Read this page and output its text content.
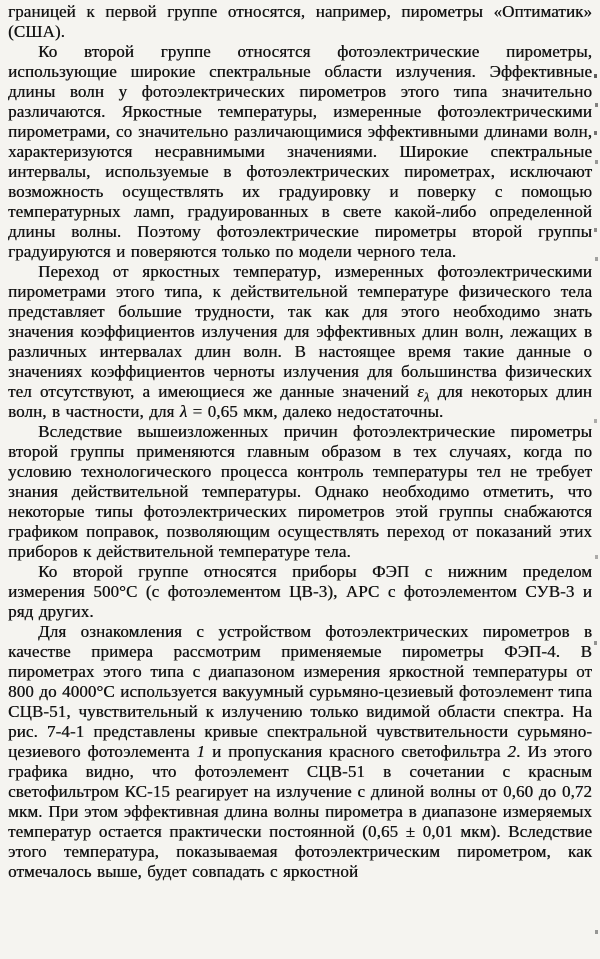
границей к первой группе относятся, например, пирометры «Оптиматик» (США).

Ко второй группе относятся фотоэлектрические пирометры, использующие широкие спектральные области излучения. Эффективные длины волн у фотоэлектрических пирометров этого типа значительно различаются. Яркостные температуры, измеренные фотоэлектрическими пирометрами, со значительно различающимися эффективными длинами волн, характеризуются несравнимыми значениями. Широкие спектральные интервалы, используемые в фотоэлектрических пирометрах, исключают возможность осуществлять их градуировку и поверку с помощью температурных ламп, градуированных в свете какой-либо определенной длины волны. Поэтому фотоэлектрические пирометры второй группы градуируются и поверяются только по модели черного тела.

Переход от яркостных температур, измеренных фотоэлектрическими пирометрами этого типа, к действительной температуре физического тела представляет большие трудности, так как для этого необходимо знать значения коэффициентов излучения для эффективных длин волн, лежащих в различных интервалах длин волн. В настоящее время такие данные о значениях коэффициентов черноты излучения для большинства физических тел отсутствуют, а имеющиеся же данные значений $\varepsilon_\lambda$ для некоторых длин волн, в частности, для λ = 0,65 мкм, далеко недостаточны.

Вследствие вышеизложенных причин фотоэлектрические пирометры второй группы применяются главным образом в тех случаях, когда по условию технологического процесса контроль температуры тел не требует знания действительной температуры. Однако необходимо отметить, что некоторые типы фотоэлектрических пирометров этой группы снабжаются графиком поправок, позволяющим осуществлять переход от показаний этих приборов к действительной температуре тела.

Ко второй группе относятся приборы ФЭП с нижним пределом измерения 500°С (с фотоэлементом ЦВ-3), АРС с фотоэлементом СУВ-3 и ряд других.

Для ознакомления с устройством фотоэлектрических пирометров в качестве примера рассмотрим применяемые пирометры ФЭП-4. В пирометрах этого типа с диапазоном измерения яркостной температуры от 800 до 4000°С используется вакуумный сурьмяно-цезиевый фотоэлемент типа СЦВ-51, чувствительный к излучению только видимой области спектра. На рис. 7-4-1 представлены кривые спектральной чувствительности сурьмяно-цезиевого фотоэлемента 1 и пропускания красного светофильтра 2. Из этого графика видно, что фотоэлемент СЦВ-51 в сочетании с красным светофильтром КС-15 реагирует на излучение с длиной волны от 0,60 до 0,72 мкм. При этом эффективная длина волны пирометра в диапазоне измеряемых температур остается практически постоянной (0,65 ± 0,01 мкм). Вследствие этого температура, показываемая фотоэлектрическим пирометром, как отмечалось выше, будет совпадать с яркостной
